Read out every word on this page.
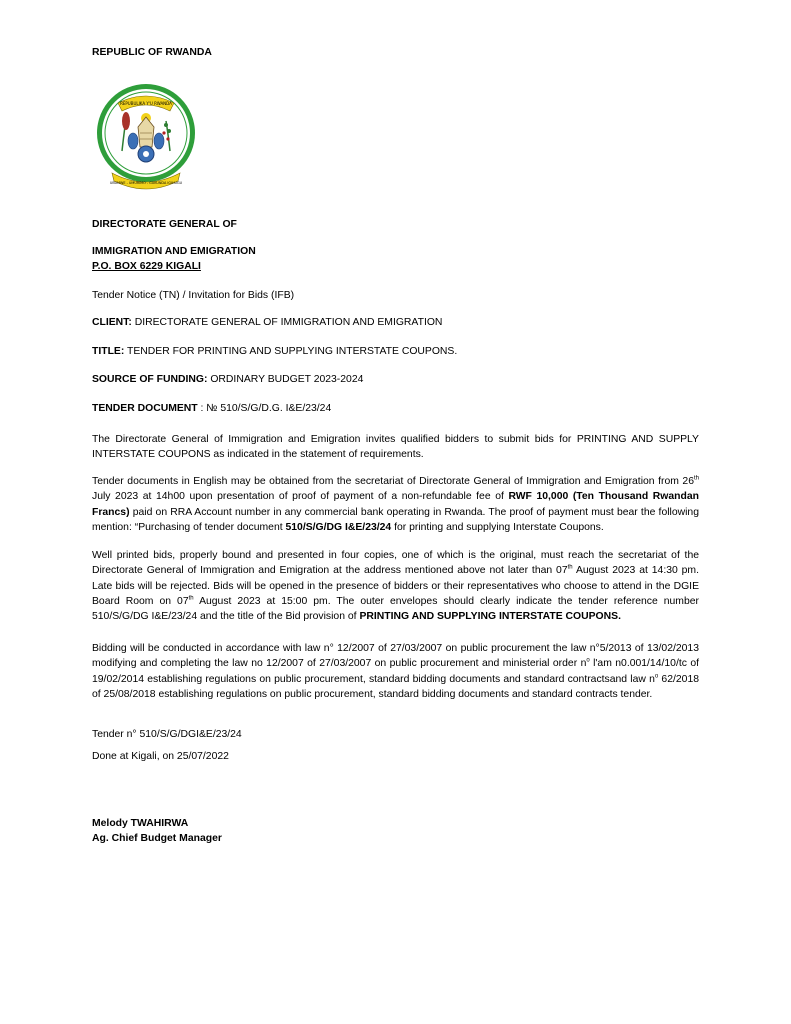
REPUBLIC OF RWANDA
REPUBULIKA Y'U RWANDA
UBUMWE - UMURIMO - GUKUNDA IGIHUGU
DIRECTORATE GENERAL OF
IMMIGRATION AND EMIGRATION
P.O. BOX 6229 KIGALI
Tender Notice (TN) / Invitation for Bids (IFB)
CLIENT: DIRECTORATE GENERAL OF IMMIGRATION AND EMIGRATION
TITLE: TENDER FOR PRINTING AND SUPPLYING INTERSTATE COUPONS.
SOURCE OF FUNDING: ORDINARY BUDGET 2023-2024
TENDER DOCUMENT : № 510/S/G/D.G. I&E/23/24
The Directorate General of Immigration and Emigration invites qualified bidders to submit bids for PRINTING AND SUPPLY INTERSTATE COUPONS as indicated in the statement of requirements.
Tender documents in English may be obtained from the secretariat of Directorate General of Immigration and Emigration from 26th July 2023 at 14h00 upon presentation of proof of payment of a non-refundable fee of RWF 10,000 (Ten Thousand Rwandan Francs) paid on RRA Account number in any commercial bank operating in Rwanda. The proof of payment must bear the following mention: “Purchasing of tender document 510/S/G/DG I&E/23/24 for printing and supplying Interstate Coupons.
Well printed bids, properly bound and presented in four copies, one of which is the original, must reach the secretariat of the Directorate General of Immigration and Emigration at the address mentioned above not later than 07th August 2023 at 14:30 pm. Late bids will be rejected. Bids will be opened in the presence of bidders or their representatives who choose to attend in the DGIE Board Room on 07th August 2023 at 15:00 pm. The outer envelopes should clearly indicate the tender reference number 510/S/G/DG I&E/23/24 and the title of the Bid provision of PRINTING AND SUPPLYING INTERSTATE COUPONS.
Bidding will be conducted in accordance with law n° 12/2007 of 27/03/2007 on public procurement the law n°5/2013 of 13/02/2013 modifying and completing the law no 12/2007 of 27/03/2007 on public procurement and ministerial order $n^o$ l'am n0.001/14/10/tc of 19/02/2014 establishing regulations on public procurement, standard bidding documents and standard contractsand law $n^o$ 62/2018 of 25/08/2018 establishing regulations on public procurement, standard bidding documents and standard contracts tender.
Tender n° 510/S/G/DGI&E/23/24
Done at Kigali, on 25/07/2022
Melody TWAHIRWA
Ag. Chief Budget Manager
